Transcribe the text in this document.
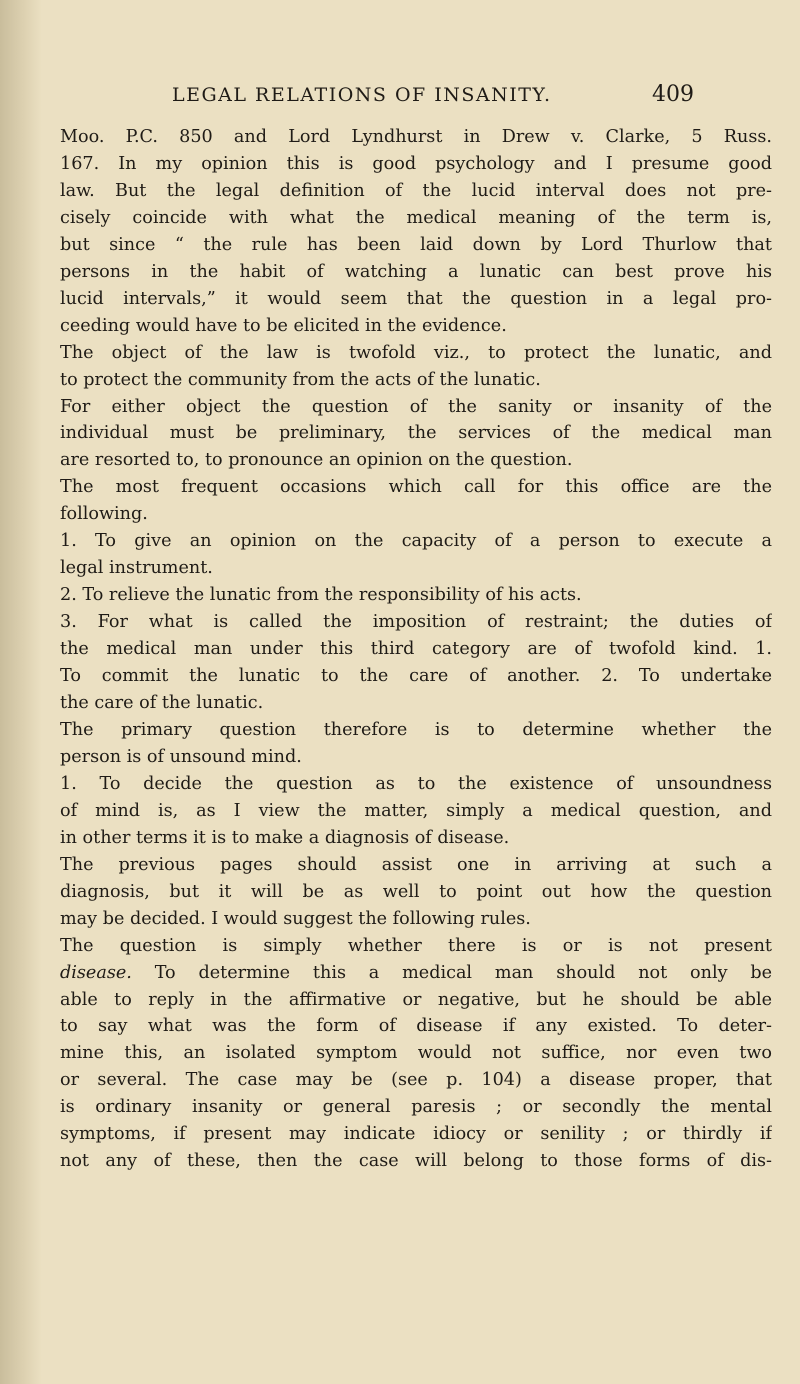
LEGAL RELATIONS OF INSANITY.	409
Moo. P.C. 850 and Lord Lyndhurst in Drew v. Clarke, 5 Russ.
167. In my opinion this is good psychology and I presume good
law. But the legal definition of the lucid interval does not pre-
cisely coincide with what the medical meaning of the term is,
but since “ the rule has been laid down by Lord Thurlow that
persons in the habit of watching a lunatic can best prove his
lucid intervals,” it would seem that the question in a legal pro-
ceeding would have to be elicited in the evidence.
The object of the law is twofold viz., to protect the lunatic, and
to protect the community from the acts of the lunatic.
For either object the question of the sanity or insanity of the
individual must be preliminary, the services of the medical man
are resorted to, to pronounce an opinion on the question.
The most frequent occasions which call for this office are the
following.
1. To give an opinion on the capacity of a person to execute a
legal instrument.
2. To relieve the lunatic from the responsibility of his acts.
3. For what is called the imposition of restraint; the duties of
the medical man under this third category are of twofold kind. 1.
To commit the lunatic to the care of another. 2. To undertake
the care of the lunatic.
The primary question therefore is to determine whether the
person is of unsound mind.
1. To decide the question as to the existence of unsoundness
of mind is, as I view the matter, simply a medical question, and
in other terms it is to make a diagnosis of disease.
The previous pages should assist one in arriving at such a
diagnosis, but it will be as well to point out how the question
may be decided. I would suggest the following rules.
The question is simply whether there is or is not present
disease. To determine this a medical man should not only be
able to reply in the affirmative or negative, but he should be able
to say what was the form of disease if any existed. To deter-
mine this, an isolated symptom would not suffice, nor even two
or several. The case may be (see p. 104) a disease proper, that
is ordinary insanity or general paresis ; or secondly the mental
symptoms, if present may indicate idiocy or senility ; or thirdly if
not any of these, then the case will belong to those forms of dis-
